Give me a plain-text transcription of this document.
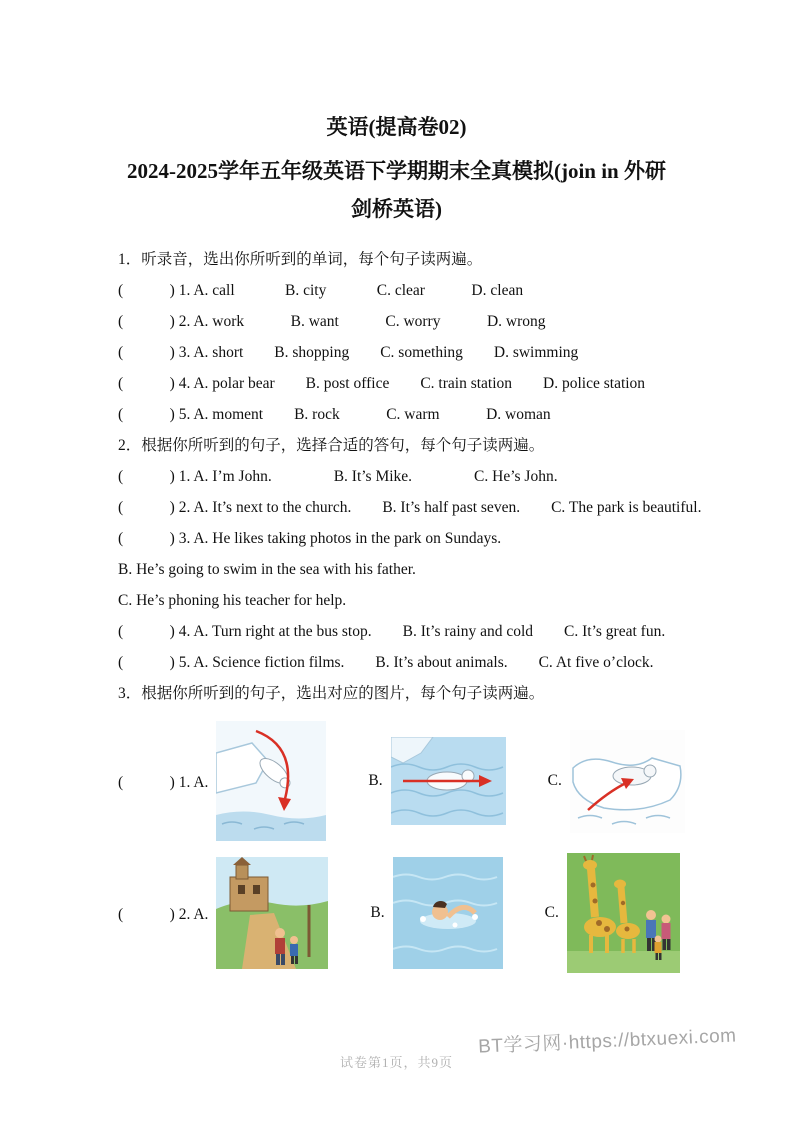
英语(提高卷02)
2024-2025学年五年级英语下学期期末全真模拟(join in 外研
剑桥英语)
1．听录音，选出你所听到的单词，每个句子读两遍。
(　　　) 1. A. call　　　 B. city　　　 C. clear　　　D. clean
(　　　) 2. A. work　　　B. want　　　C. worry　　　D. wrong
(　　　) 3. A. short　　B. shopping　　C. something　　D. swimming
(　　　) 4. A. polar bear　　B. post office　　C. train station　　D. police station
(　　　) 5. A. moment　　B. rock　　　C. warm　　　D. woman
2．根据你所听到的句子，选择合适的答句，每个句子读两遍。
(　　　) 1. A. I’m John.　　　　B. It’s Mike.　　　　C. He’s John.
(　　　) 2. A. It’s next to the church.　　B. It’s half past seven.　　C. The park is beautiful.
(　　　) 3. A. He likes taking photos in the park on Sundays.
B. He’s going to swim in the sea with his father.
C. He’s phoning his teacher for help.
(　　　) 4. A. Turn right at the bus stop.　　B. It’s rainy and cold　　C. It’s great fun.
(　　　) 5. A. Science fiction films.　　B. It’s about animals.　　C. At five o’clock.
3．根据你所听到的句子，选出对应的图片，每个句子读两遍。
(　　　) 1. A.	B.	C.
(　　　) 2. A.	B.	C.
BT学习网·https://btxuexi.com
试卷第1页，共9页
